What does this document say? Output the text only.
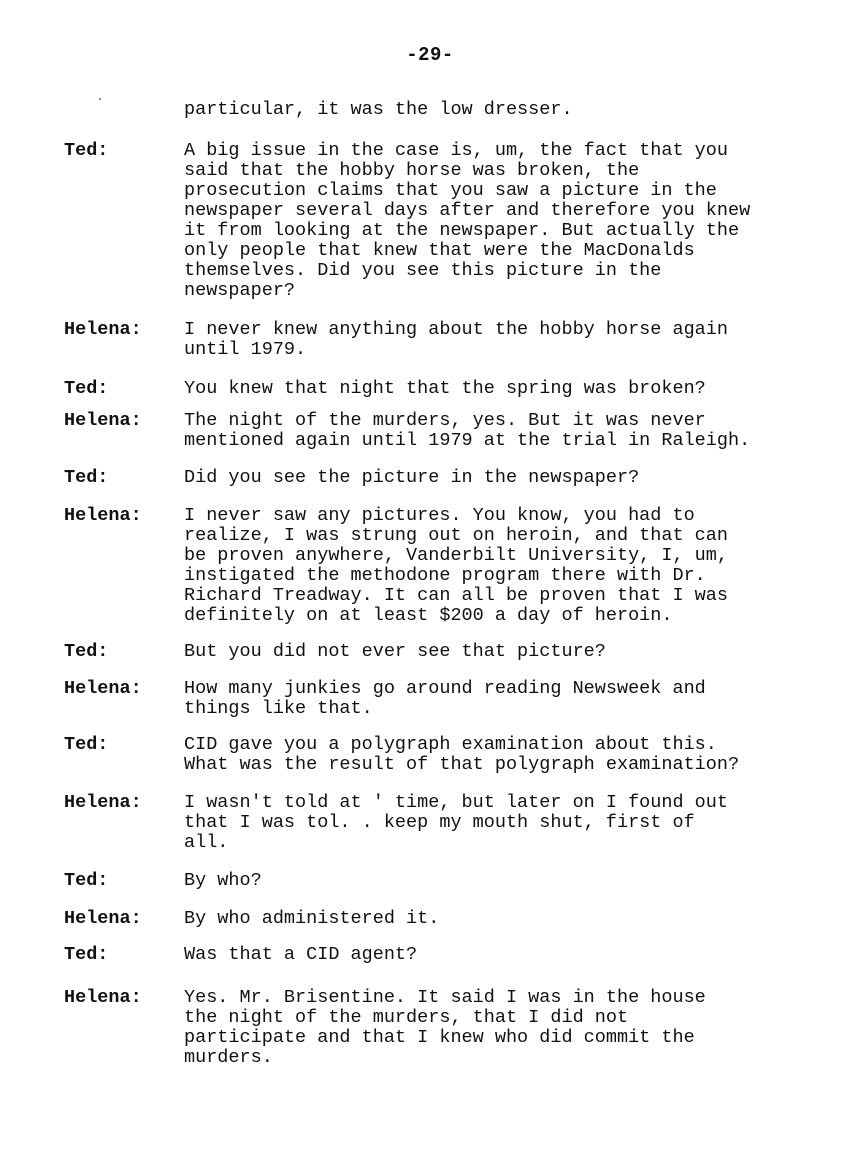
-29-
particular, it was the low dresser.
Ted:	A big issue in the case is, um, the fact that you
said that the hobby horse was broken, the
prosecution claims that you saw a picture in the
newspaper several days after and therefore you knew
it from looking at the newspaper. But actually the
only people that knew that were the MacDonalds
themselves. Did you see this picture in the
newspaper?
Helena:	I never knew anything about the hobby horse again
until 1979.
Ted:	You knew that night that the spring was broken?
Helena:	The night of the murders, yes. But it was never
mentioned again until 1979 at the trial in Raleigh.
Ted:	Did you see the picture in the newspaper?
Helena:	I never saw any pictures. You know, you had to
realize, I was strung out on heroin, and that can
be proven anywhere, Vanderbilt University, I, um,
instigated the methodone program there with Dr.
Richard Treadway. It can all be proven that I was
definitely on at least $200 a day of heroin.
Ted:	But you did not ever see that picture?
Helena:	How many junkies go around reading Newsweek and
things like that.
Ted:	CID gave you a polygraph examination about this.
What was the result of that polygraph examination?
Helena:	I wasn't told at ' time, but later on I found out
that I was tol. . keep my mouth shut, first of
all.
Ted:	By who?
Helena:	By who administered it.
Ted:	Was that a CID agent?
Helena:	Yes. Mr. Brisentine. It said I was in the house
the night of the murders, that I did not
participate and that I knew who did commit the
murders.
